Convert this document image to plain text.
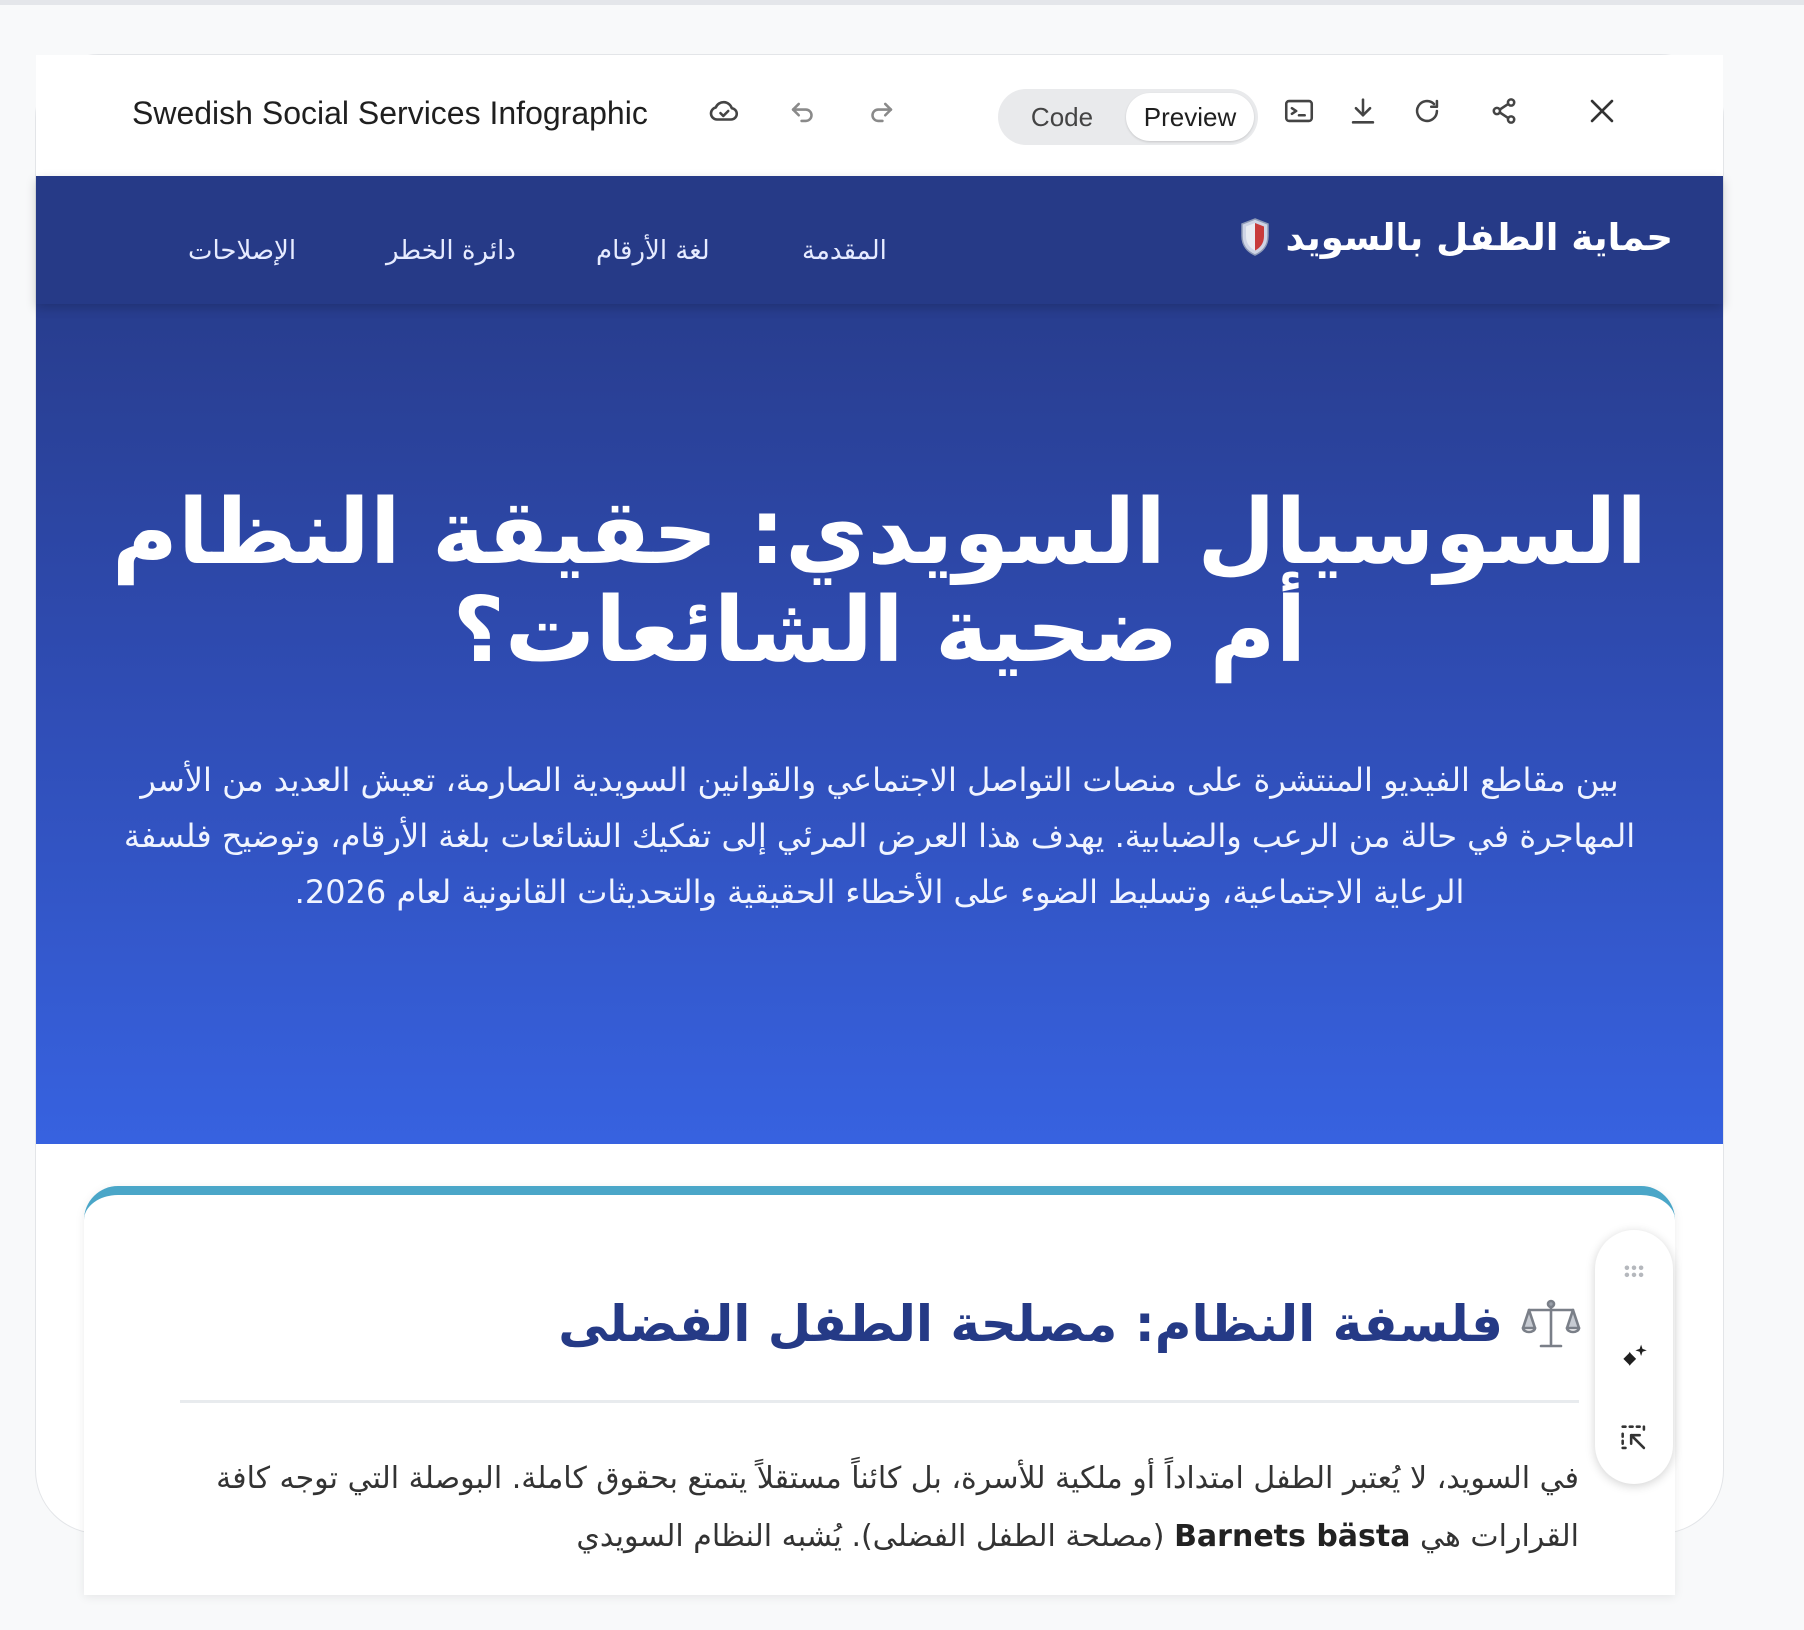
Swedish Social Services Infographic	Code	Preview
حماية الطفل بالسويد
المقدمة
لغة الأرقام
دائرة الخطر
الإصلاحات
السوسيال السويدي: حقيقة النظام أم ضحية الشائعات؟

بين مقاطع الفيديو المنتشرة على منصات التواصل الاجتماعي والقوانين السويدية الصارمة، تعيش العديد من الأسر المهاجرة في حالة من الرعب والضبابية. يهدف هذا العرض المرئي إلى تفكيك الشائعات بلغة الأرقام، وتوضيح فلسفة الرعاية الاجتماعية، وتسليط الضوء على الأخطاء الحقيقية والتحديثات القانونية لعام 2026.

فلسفة النظام: مصلحة الطفل الفضلى
في السويد، لا يُعتبر الطفل امتداداً أو ملكية للأسرة، بل كائناً مستقلاً يتمتع بحقوق كاملة. البوصلة التي توجه كافة القرارات هي Barnets bästa (مصلحة الطفل الفضلى). يُشبه النظام السويدي
